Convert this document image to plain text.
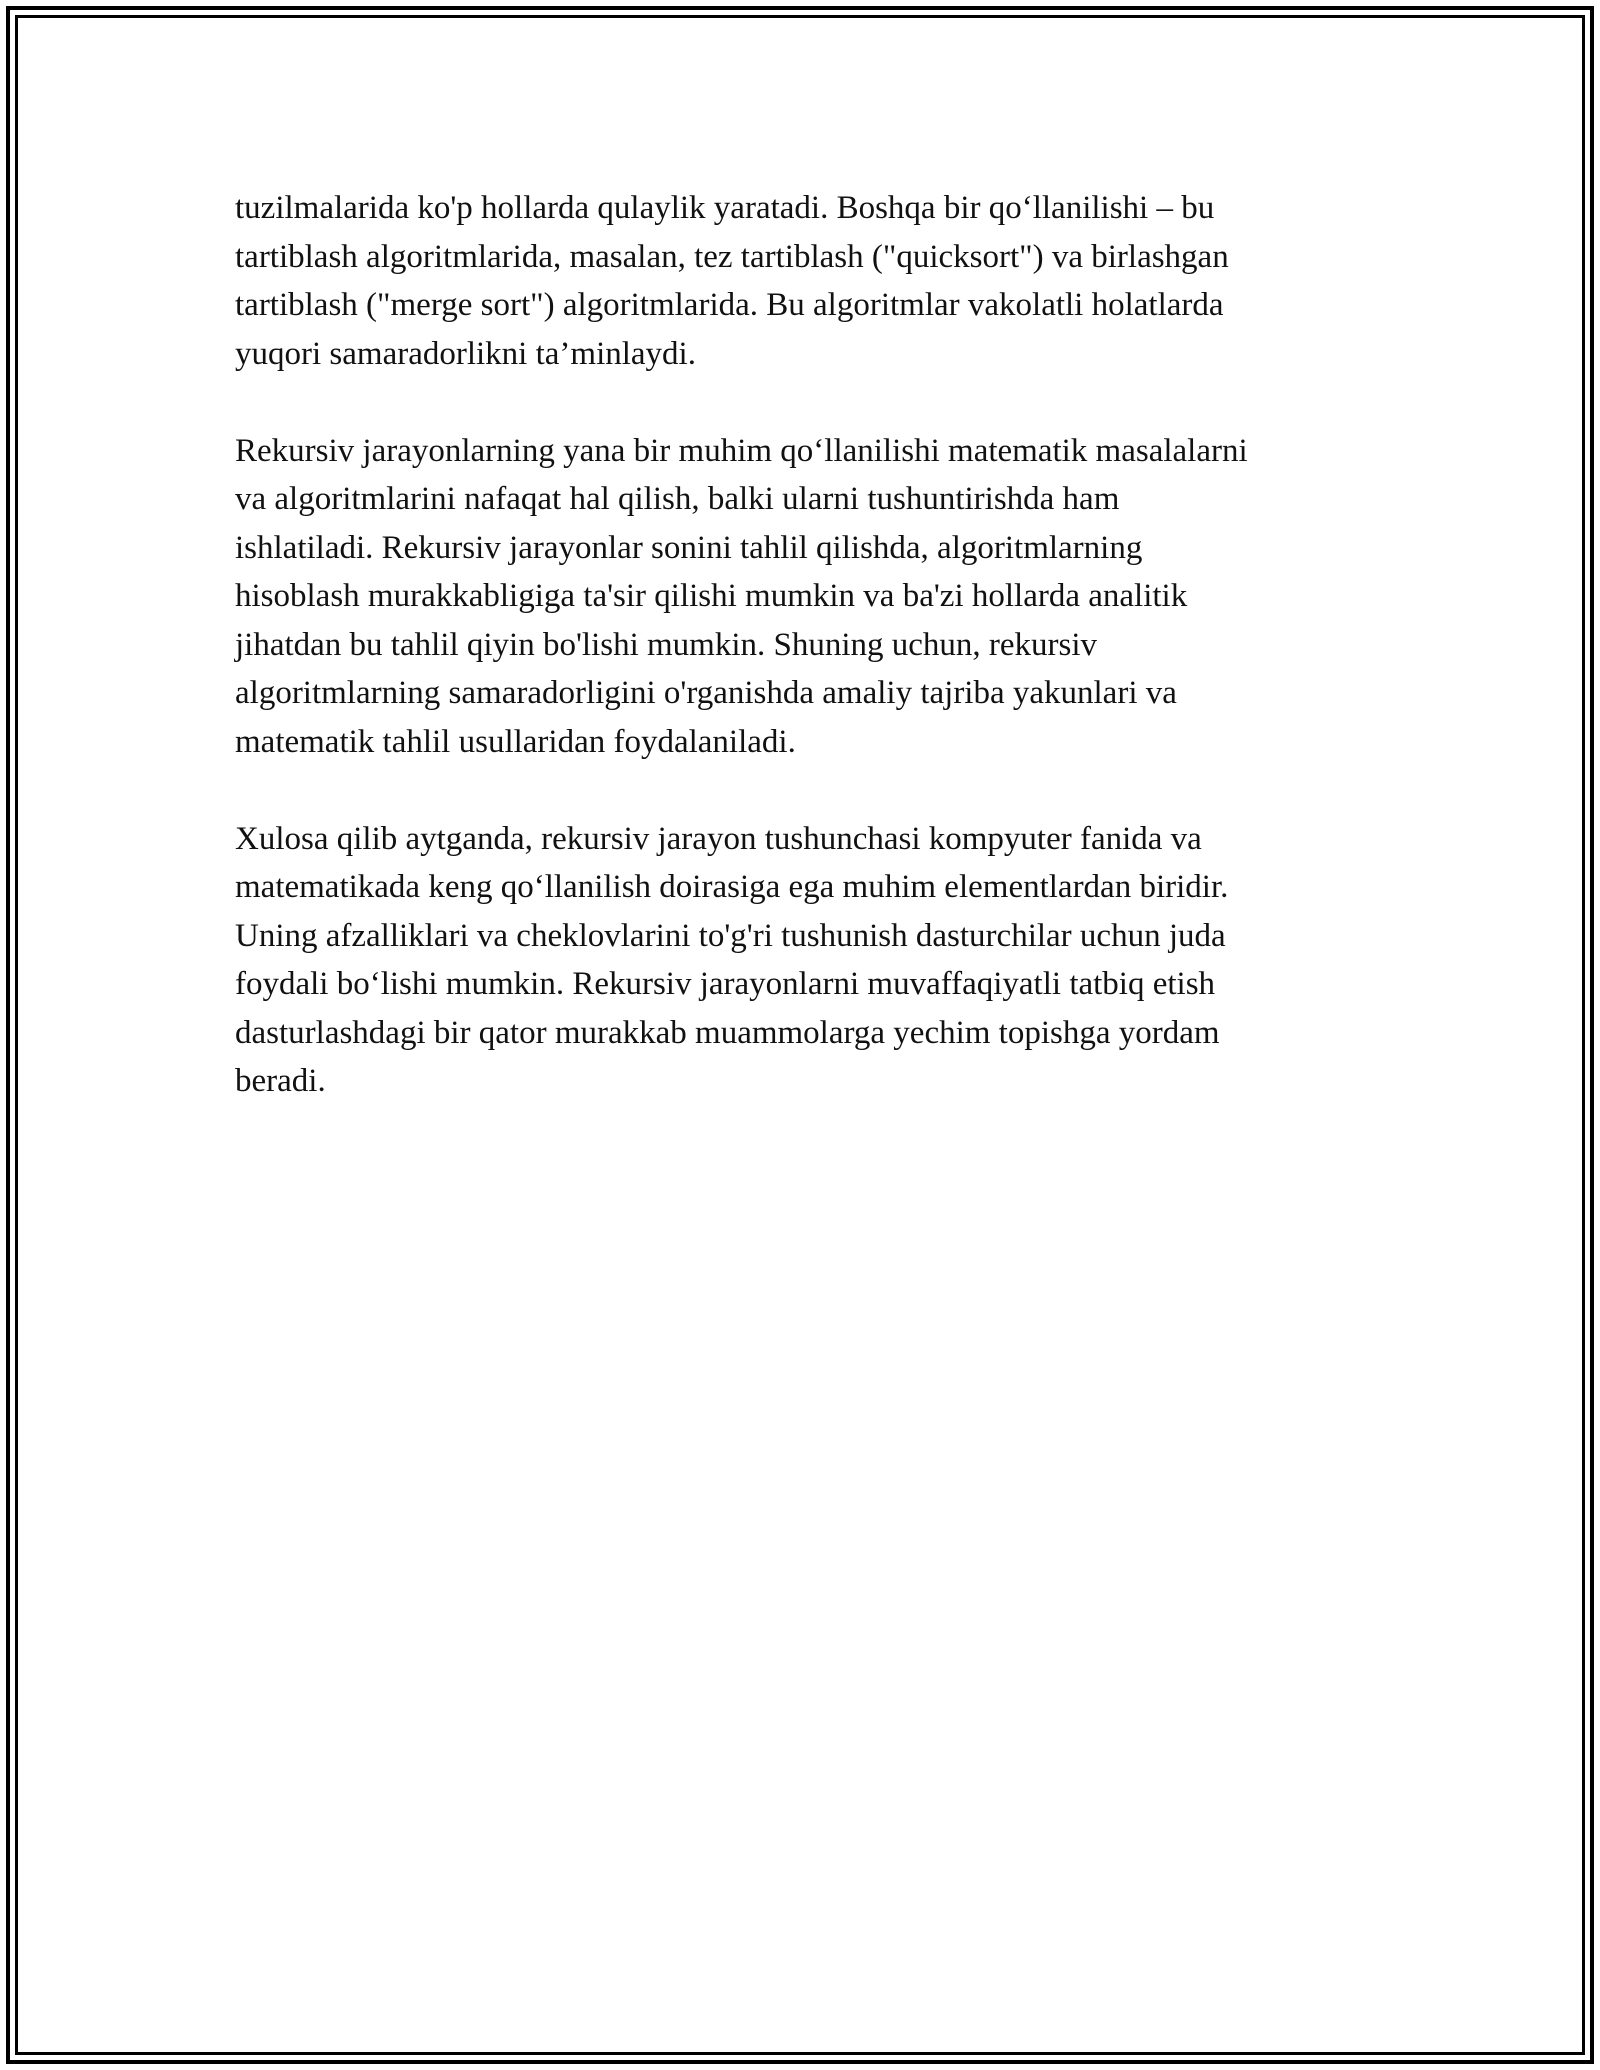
tuzilmalarida ko'p hollarda qulaylik yaratadi. Boshqa bir qo‘llanilishi – bu
tartiblash algoritmlarida, masalan, tez tartiblash ("quicksort") va birlashgan
tartiblash ("merge sort") algoritmlarida. Bu algoritmlar vakolatli holatlarda
yuqori samaradorlikni ta’minlaydi.

Rekursiv jarayonlarning yana bir muhim qo‘llanilishi matematik masalalarni
va algoritmlarini nafaqat hal qilish, balki ularni tushuntirishda ham
ishlatiladi. Rekursiv jarayonlar sonini tahlil qilishda, algoritmlarning
hisoblash murakkabligiga ta'sir qilishi mumkin va ba'zi hollarda analitik
jihatdan bu tahlil qiyin bo'lishi mumkin. Shuning uchun, rekursiv
algoritmlarning samaradorligini o'rganishda amaliy tajriba yakunlari va
matematik tahlil usullaridan foydalaniladi.

Xulosa qilib aytganda, rekursiv jarayon tushunchasi kompyuter fanida va
matematikada keng qo‘llanilish doirasiga ega muhim elementlardan biridir.
Uning afzalliklari va cheklovlarini to'g'ri tushunish dasturchilar uchun juda
foydali bo‘lishi mumkin. Rekursiv jarayonlarni muvaffaqiyatli tatbiq etish
dasturlashdagi bir qator murakkab muammolarga yechim topishga yordam
beradi.
